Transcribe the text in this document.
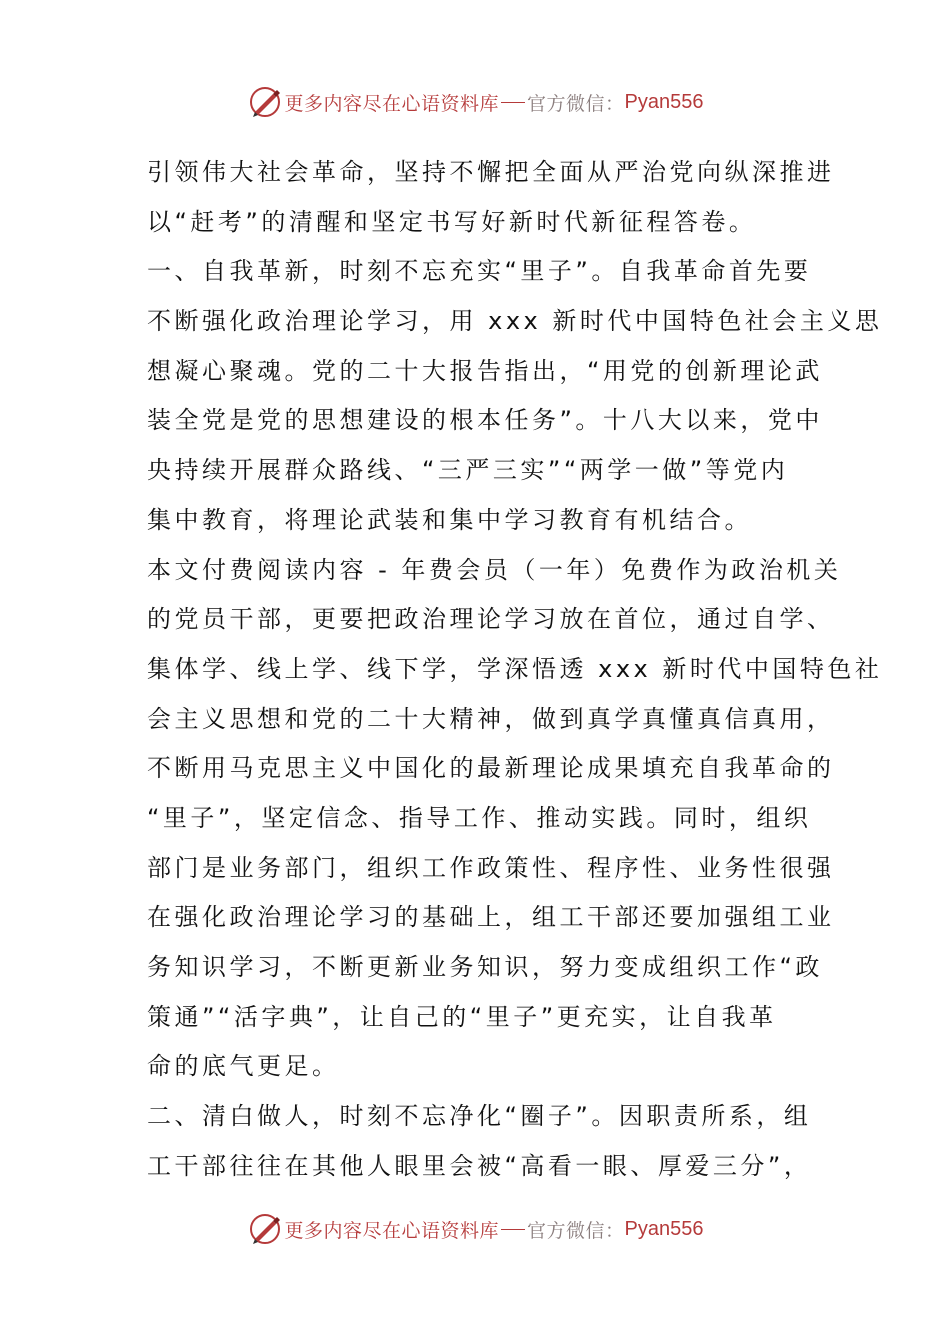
更多内容尽在心语资料库 官方微信： Pyan556
引领伟大社会革命，坚持不懈把全面从严治党向纵深推进
以“赶考”的清醒和坚定书写好新时代新征程答卷。
一、自我革新，时刻不忘充实“里子”。自我革命首先要
不断强化政治理论学习，用 xxx 新时代中国特色社会主义思
想凝心聚魂。党的二十大报告指出，“用党的创新理论武
装全党是党的思想建设的根本任务”。十八大以来，党中
央持续开展群众路线、“三严三实”“两学一做”等党内
集中教育，将理论武装和集中学习教育有机结合。
本文付费阅读内容 - 年费会员（一年）免费作为政治机关
的党员干部，更要把政治理论学习放在首位，通过自学、
集体学、线上学、线下学，学深悟透 xxx 新时代中国特色社
会主义思想和党的二十大精神，做到真学真懂真信真用，
不断用马克思主义中国化的最新理论成果填充自我革命的
“里子”，坚定信念、指导工作、推动实践。同时，组织
部门是业务部门，组织工作政策性、程序性、业务性很强
在强化政治理论学习的基础上，组工干部还要加强组工业
务知识学习，不断更新业务知识，努力变成组织工作“政
策通”“活字典”，让自己的“里子”更充实，让自我革
命的底气更足。
二、清白做人，时刻不忘净化“圈子”。因职责所系，组
工干部往往在其他人眼里会被“高看一眼、厚爱三分”，
更多内容尽在心语资料库 官方微信： Pyan556
